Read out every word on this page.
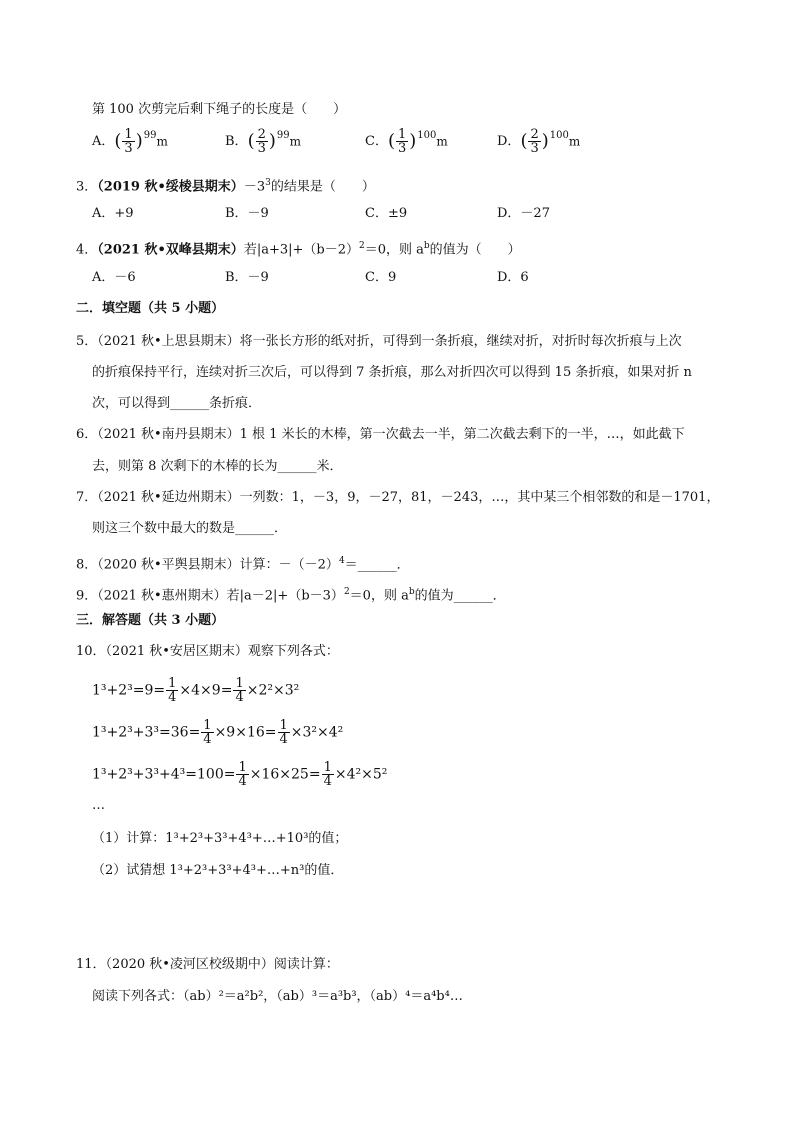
第 100 次剪完后剩下绳子的长度是（　　）
A．( $\frac{1}{3} )^{99}m$	B．( $\frac{2}{3} )^{99}m$	C．( $\frac{1}{3} )^{100}m$	D．( $\frac{2}{3} )^{100}m$
3．（2019 秋•绥棱县期末）$-3^3$的结果是（　　）
A．+9	B．－9	C．±9	D．－27
4．（2021 秋•双峰县期末）若$|a+3|+(b-2)^2=0$，则 $a^b$的值为（　　）
A．－6	B．－9	C．9	D．6
二．填空题（共 5 小题）
5．（2021 秋•上思县期末）将一张长方形的纸对折，可得到一条折痕，继续对折，对折时每次折痕与上次
的折痕保持平行，连续对折三次后，可以得到 7 条折痕，那么对折四次可以得到 15 条折痕，如果对折 n
次，可以得到______条折痕．
6．（2021 秋•南丹县期末）1 根 1 米长的木棒，第一次截去一半，第二次截去剩下的一半，…，如此截下
去，则第 8 次剩下的木棒的长为______米．
7．（2021 秋•延边州期末）一列数：1，－3，9，－27，81，－243，…，其中某三个相邻数的和是－1701，
则这三个数中最大的数是______．
8．（2020 秋•平舆县期末）计算：$-(-2)^4=\_\_\_\_\_\_$．
9．（2021 秋•惠州期末）若$|a-2|+(b-3)^2=0$，则 $a^b$的值为______．
三．解答题（共 3 小题）
10．（2021 秋•安居区期末）观察下列各式：
$1^3+2^3=9= \frac{1}{4} \times 4\times 9= \frac{1}{4} \times 2^2\times 3^2$
$1^3+2^3+3^3=36= \frac{1}{4} \times 9\times 16= \frac{1}{4} \times 3^2\times 4^2$
$1^3+2^3+3^3+4^3=100= \frac{1}{4} \times 16\times 25= \frac{1}{4} \times 4^2\times 5^2$
…
（1）计算：1³+2³+3³+4³+…+10³的值；
（2）试猜想 1³+2³+3³+4³+…+n³的值．
11．（2020 秋•凌河区校级期中）阅读计算：
阅读下列各式：（ab）²＝a²b²，（ab）³＝a³b³，（ab）⁴＝a⁴b⁴…
